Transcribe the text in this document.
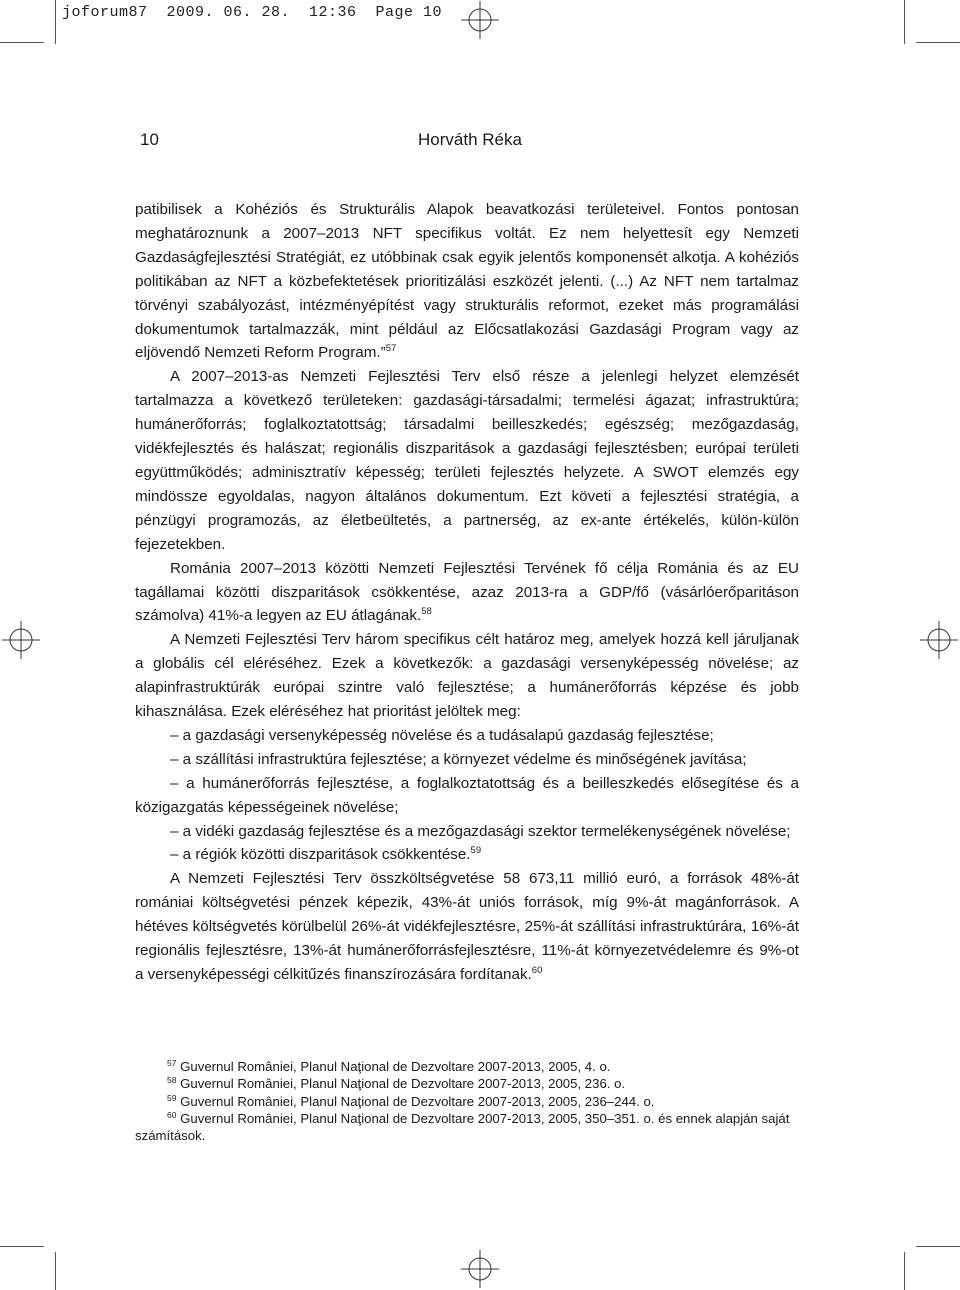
joforum87  2009. 06. 28.  12:36  Page 10
Horváth Réka
10

patibilisek a Kohéziós és Strukturális Alapok beavatkozási területeivel. Fontos pontosan meghatároznunk a 2007–2013 NFT specifikus voltát. Ez nem helyettesít egy Nemzeti Gazdaságfejlesztési Stratégiát, ez utóbbinak csak egyik jelentős komponensét alkotja. A kohéziós politikában az NFT a közbefektetések prioritizálási eszközét jelenti. (...) Az NFT nem tartalmaz törvényi szabályozást, intézményépítést vagy strukturális reformot, ezeket más programálási dokumentumok tartalmazzák, mint például az Előcsatlakozási Gazdasági Program vagy az eljövendő Nemzeti Reform Program.”$^{57}$

A 2007–2013-as Nemzeti Fejlesztési Terv első része a jelenlegi helyzet elemzését tartalmazza a következő területeken: gazdasági-társadalmi; termelési ágazat; infrastruktúra; humánerőforrás; foglalkoztatottság; társadalmi beilleszkedés; egészség; mezőgazdaság, vidékfejlesztés és halászat; regionális diszparitások a gazdasági fejlesztésben; európai területi együttműködés; adminisztratív képesség; területi fejlesztés helyzete. A SWOT elemzés egy mindössze egyoldalas, nagyon általános dokumentum. Ezt követi a fejlesztési stratégia, a pénzügyi programozás, az életbeültetés, a partnerség, az ex-ante értékelés, külön-külön fejezetekben.

Románia 2007–2013 közötti Nemzeti Fejlesztési Tervének fő célja Románia és az EU tagállamai közötti diszparitások csökkentése, azaz 2013-ra a GDP/fő (vásárlóerőparitáson számolva) 41%-a legyen az EU átlagának.$^{58}$

A Nemzeti Fejlesztési Terv három specifikus célt határoz meg, amelyek hozzá kell járuljanak a globális cél eléréséhez. Ezek a következők: a gazdasági versenyképesség növelése; az alapinfrastruktúrák európai szintre való fejlesztése; a humánerőforrás képzése és jobb kihasználása. Ezek eléréséhez hat prioritást jelöltek meg:

– a gazdasági versenyképesség növelése és a tudásalapú gazdaság fejlesztése;

– a szállítási infrastruktúra fejlesztése; a környezet védelme és minőségének javítása;

– a humánerőforrás fejlesztése, a foglalkoztatottság és a beilleszkedés elősegítése és a közigazgatás képességeinek növelése;

– a vidéki gazdaság fejlesztése és a mezőgazdasági szektor termelékenységének növelése;

– a régiók közötti diszparitások csökkentése.$^{59}$

A Nemzeti Fejlesztési Terv összköltségvetése 58 673,11 millió euró, a források 48%-át romániai költségvetési pénzek képezik, 43%-át uniós források, míg 9%-át magánforrások. A hétéves költségvetés körülbelül 26%-át vidékfejlesztésre, 25%-át szállítási infrastruktúrára, 16%-át regionális fejlesztésre, 13%-át humánerőforrásfejlesztésre, 11%-át környezetvédelemre és 9%-ot a versenyképességi célkitűzés finanszírozására fordítanak.$^{60}$

$^{57}$ Guvernul României, Planul Naţional de Dezvoltare 2007-2013, 2005, 4. o.

$^{58}$ Guvernul României, Planul Naţional de Dezvoltare 2007-2013, 2005, 236. o.

$^{59}$ Guvernul României, Planul Naţional de Dezvoltare 2007-2013, 2005, 236–244. o.

$^{60}$ Guvernul României, Planul Naţional de Dezvoltare 2007-2013, 2005, 350–351. o. és ennek alapján saját számítások.
